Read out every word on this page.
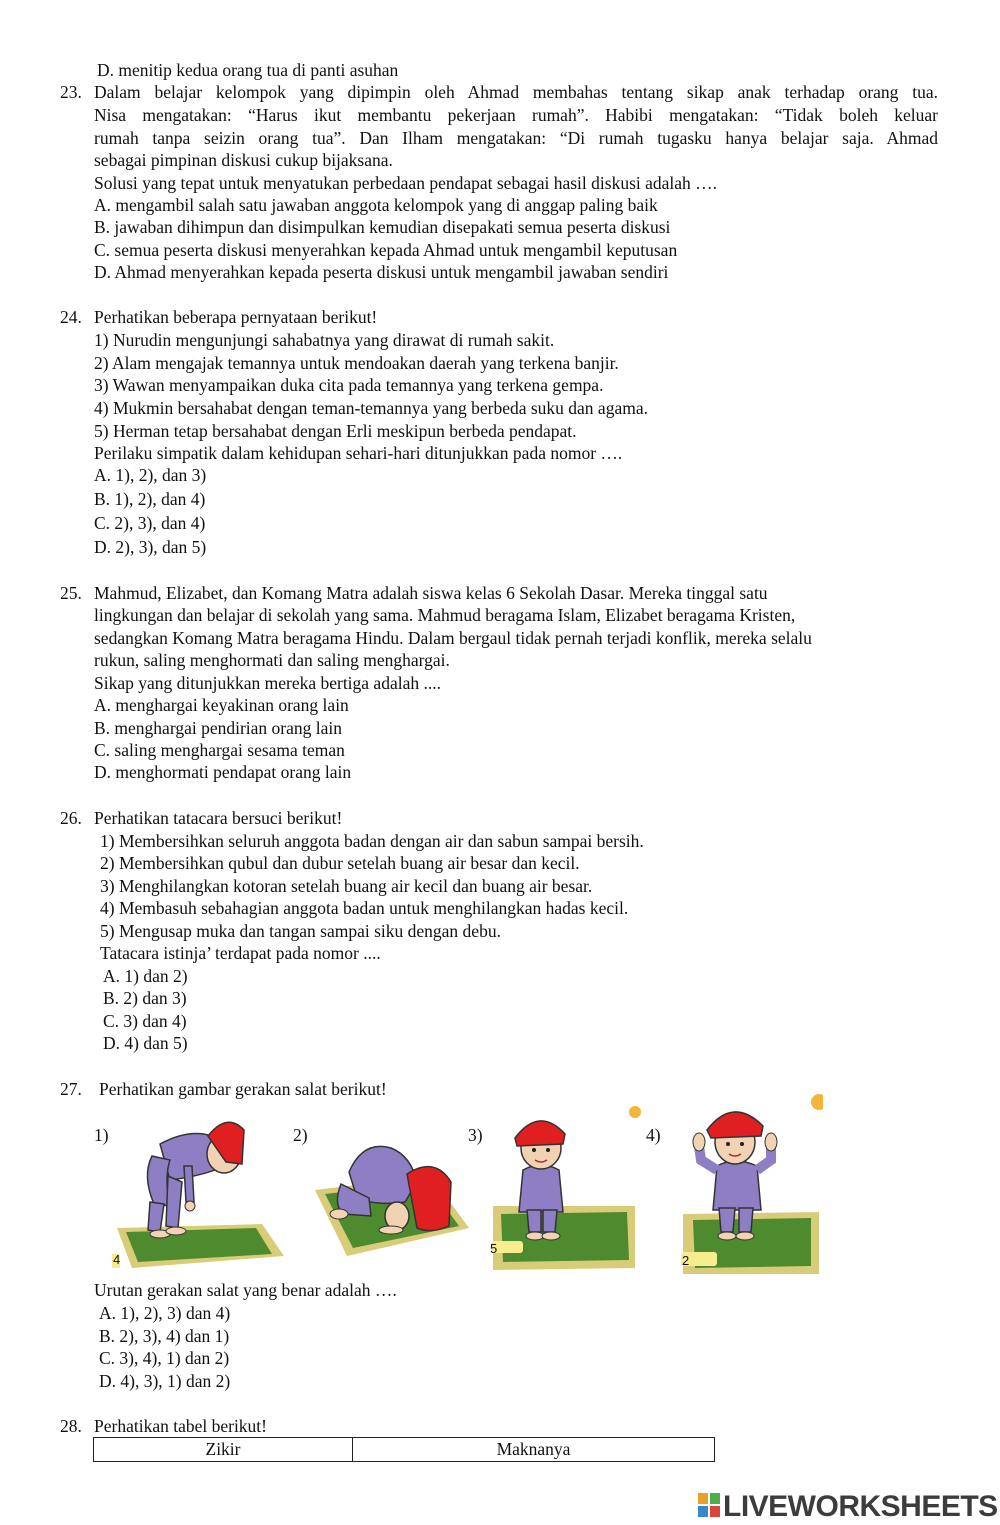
D. menitip kedua orang tua di panti asuhan
23. Dalam belajar kelompok yang dipimpin oleh Ahmad membahas tentang sikap anak terhadap orang tua.
Nisa mengatakan: “Harus ikut membantu pekerjaan rumah”. Habibi mengatakan: “Tidak boleh keluar
rumah tanpa seizin orang tua”. Dan Ilham mengatakan: “Di rumah tugasku hanya belajar saja. Ahmad
sebagai pimpinan diskusi cukup bijaksana.
Solusi yang tepat untuk menyatukan perbedaan pendapat sebagai hasil diskusi adalah ….
A. mengambil salah satu jawaban anggota kelompok yang di anggap paling baik
B. jawaban dihimpun dan disimpulkan kemudian disepakati semua peserta diskusi
C. semua peserta diskusi menyerahkan kepada Ahmad untuk mengambil keputusan
D. Ahmad menyerahkan kepada peserta diskusi untuk mengambil jawaban sendiri
24. Perhatikan beberapa pernyataan berikut!
1) Nurudin mengunjungi sahabatnya yang dirawat di rumah sakit.
2) Alam mengajak temannya untuk mendoakan daerah yang terkena banjir.
3) Wawan menyampaikan duka cita pada temannya yang terkena gempa.
4) Mukmin bersahabat dengan teman-temannya yang berbeda suku dan agama.
5) Herman tetap bersahabat dengan Erli meskipun berbeda pendapat.
Perilaku simpatik dalam kehidupan sehari-hari ditunjukkan pada nomor ….
A. 1), 2), dan 3)
B. 1), 2), dan 4)
C. 2), 3), dan 4)
D. 2), 3), dan 5)
25. Mahmud, Elizabet, dan Komang Matra adalah siswa kelas 6 Sekolah Dasar. Mereka tinggal satu
lingkungan dan belajar di sekolah yang sama. Mahmud beragama Islam, Elizabet beragama Kristen,
sedangkan Komang Matra beragama Hindu. Dalam bergaul tidak pernah terjadi konflik, mereka selalu
rukun, saling menghormati dan saling menghargai.
Sikap yang ditunjukkan mereka bertiga adalah ....
A. menghargai keyakinan orang lain
B. menghargai pendirian orang lain
C. saling menghargai sesama teman
D. menghormati pendapat orang lain
26. Perhatikan tatacara bersuci berikut!
1) Membersihkan seluruh anggota badan dengan air dan sabun sampai bersih.
2) Membersihkan qubul dan dubur setelah buang air besar dan kecil.
3) Menghilangkan kotoran setelah buang air kecil dan buang air besar.
4) Membasuh sebahagian anggota badan untuk menghilangkan hadas kecil.
5) Mengusap muka dan tangan sampai siku dengan debu.
Tatacara istinja’ terdapat pada nomor ....
A. 1) dan 2)
B. 2) dan 3)
C. 3) dan 4)
D. 4) dan 5)
27. Perhatikan gambar gerakan salat berikut!
1)	2)	3)	4)
4
5
2
Urutan gerakan salat yang benar adalah ….
A. 1), 2), 3) dan 4)
B. 2), 3), 4) dan 1)
C. 3), 4), 1) dan 2)
D. 4), 3), 1) dan 2)
28. Perhatikan tabel berikut!
Zikir	Maknanya
LIVEWORKSHEETS
